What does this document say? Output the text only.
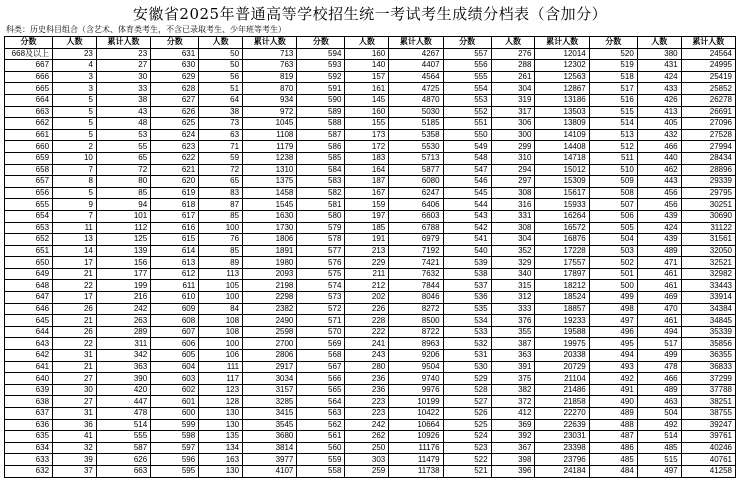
安徽省2025年普通高等学校招生统一考试考生成绩分档表（含加分）
科类：历史科目组合（含艺术、体育类考生，不含已录取考生、少年班等考生）
分数	人数	累计人数	分数	人数	累计人数	分数	人数	累计人数	分数	人数	累计人数	分数	人数	累计人数
668及以上	23	23	631	50	713	594	160	4267	557	276	12014	520	380	24564
667	4	27	630	50	763	593	140	4407	556	288	12302	519	431	24995
666	3	30	629	56	819	592	157	4564	555	261	12563	518	424	25419
665	3	33	628	51	870	591	161	4725	554	304	12867	517	433	25852
664	5	38	627	64	934	590	145	4870	553	319	13186	516	426	26278
663	5	43	626	38	972	589	160	5030	552	317	13503	515	413	26691
662	5	48	625	73	1045	588	155	5185	551	306	13809	514	405	27096
661	5	53	624	63	1108	587	173	5358	550	300	14109	513	432	27528
660	2	55	623	71	1179	586	172	5530	549	299	14408	512	466	27994
659	10	65	622	59	1238	585	183	5713	548	310	14718	511	440	28434
658	7	72	621	72	1310	584	164	5877	547	294	15012	510	462	28896
657	8	80	620	65	1375	583	187	6080	546	297	15309	509	443	29339
656	5	85	619	83	1458	582	167	6247	545	308	15617	508	456	29795
655	9	94	618	87	1545	581	159	6406	544	316	15933	507	456	30251
654	7	101	617	85	1630	580	197	6603	543	331	16264	506	439	30690
653	11	112	616	100	1730	579	185	6788	542	308	16572	505	424	31122
652	13	125	615	76	1806	578	191	6979	541	304	16876	504	439	31561
651	14	139	614	85	1891	577	213	7192	540	352	17228	503	489	32050
650	17	156	613	89	1980	576	229	7421	539	329	17557	502	471	32521
649	21	177	612	113	2093	575	211	7632	538	340	17897	501	461	32982
648	22	199	611	105	2198	574	212	7844	537	315	18212	500	461	33443
647	17	216	610	100	2298	573	202	8046	536	312	18524	499	469	33914
646	26	242	609	84	2382	572	226	8272	535	333	18857	498	470	34384
645	21	263	608	108	2490	571	228	8500	534	376	19233	497	461	34845
644	26	289	607	108	2598	570	222	8722	533	355	19588	496	494	35339
643	22	311	606	100	2700	569	241	8963	532	387	19975	495	517	35856
642	31	342	605	106	2806	568	243	9206	531	363	20338	494	499	36355
641	21	363	604	111	2917	567	280	9504	530	391	20729	493	478	36833
640	27	390	603	117	3034	566	236	9740	529	375	21104	492	466	37299
639	30	420	602	123	3157	565	236	9976	528	382	21486	491	489	37788
638	27	447	601	128	3285	564	223	10199	527	372	21858	490	463	38251
637	31	478	600	130	3415	563	223	10422	526	412	22270	489	504	38755
636	36	514	599	130	3545	562	242	10664	525	369	22639	488	492	39247
635	41	555	598	135	3680	561	262	10926	524	392	23031	487	514	39761
634	32	587	597	134	3814	560	250	11176	523	367	23398	486	485	40246
633	39	626	596	163	3977	559	303	11479	522	398	23796	485	515	40761
632	37	663	595	130	4107	558	259	11738	521	396	24184	484	497	41258
